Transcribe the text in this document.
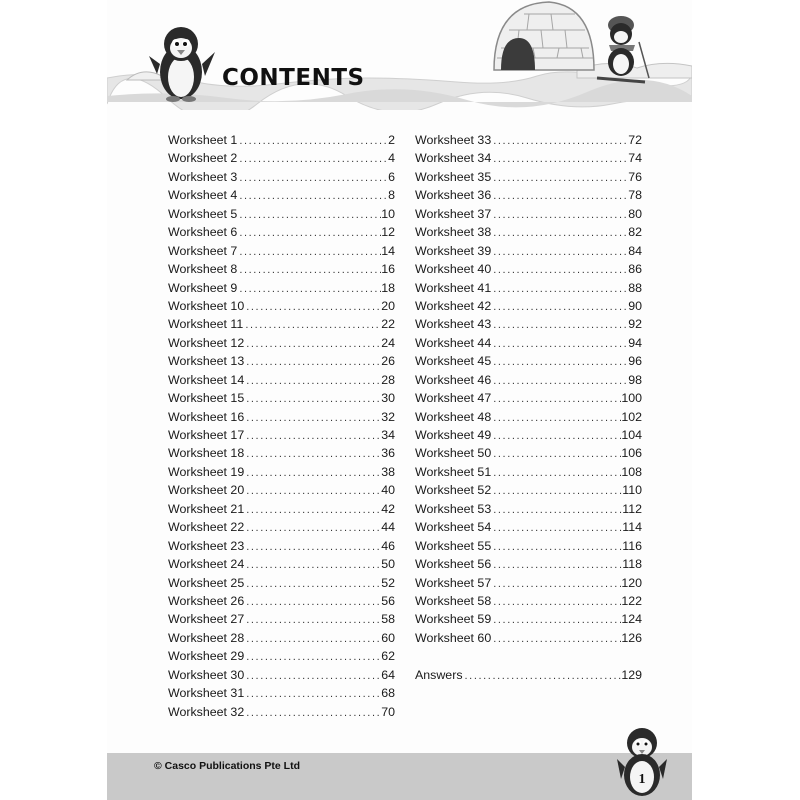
CONTENTS
Worksheet 1 .....	2
Worksheet 2 .....	4
Worksheet 3 .....	6
Worksheet 4 .....	8
Worksheet 5 .....	10
Worksheet 6 .....	12
Worksheet 7 .....	14
Worksheet 8 .....	16
Worksheet 9 .....	18
Worksheet 10 .....	20
Worksheet 11 .....	22
Worksheet 12 .....	24
Worksheet 13 .....	26
Worksheet 14 .....	28
Worksheet 15 .....	30
Worksheet 16 .....	32
Worksheet 17 .....	34
Worksheet 18 .....	36
Worksheet 19 .....	38
Worksheet 20 .....	40
Worksheet 21 .....	42
Worksheet 22 .....	44
Worksheet 23 .....	46
Worksheet 24 .....	50
Worksheet 25 .....	52
Worksheet 26 .....	56
Worksheet 27 .....	58
Worksheet 28 .....	60
Worksheet 29 .....	62
Worksheet 30 .....	64
Worksheet 31 .....	68
Worksheet 32 .....	70
Worksheet 33 .....	72
Worksheet 34 .....	74
Worksheet 35 .....	76
Worksheet 36 .....	78
Worksheet 37 .....	80
Worksheet 38 .....	82
Worksheet 39 .....	84
Worksheet 40 .....	86
Worksheet 41 .....	88
Worksheet 42 .....	90
Worksheet 43 .....	92
Worksheet 44 .....	94
Worksheet 45 .....	96
Worksheet 46 .....	98
Worksheet 47 .....	100
Worksheet 48 .....	102
Worksheet 49 .....	104
Worksheet 50 .....	106
Worksheet 51 .....	108
Worksheet 52 .....	110
Worksheet 53 .....	112
Worksheet 54 .....	114
Worksheet 55 .....	116
Worksheet 56 .....	118
Worksheet 57 .....	120
Worksheet 58 .....	122
Worksheet 59 .....	124
Worksheet 60 .....	126
Answers .....	129
© Casco Publications Pte Ltd
1
